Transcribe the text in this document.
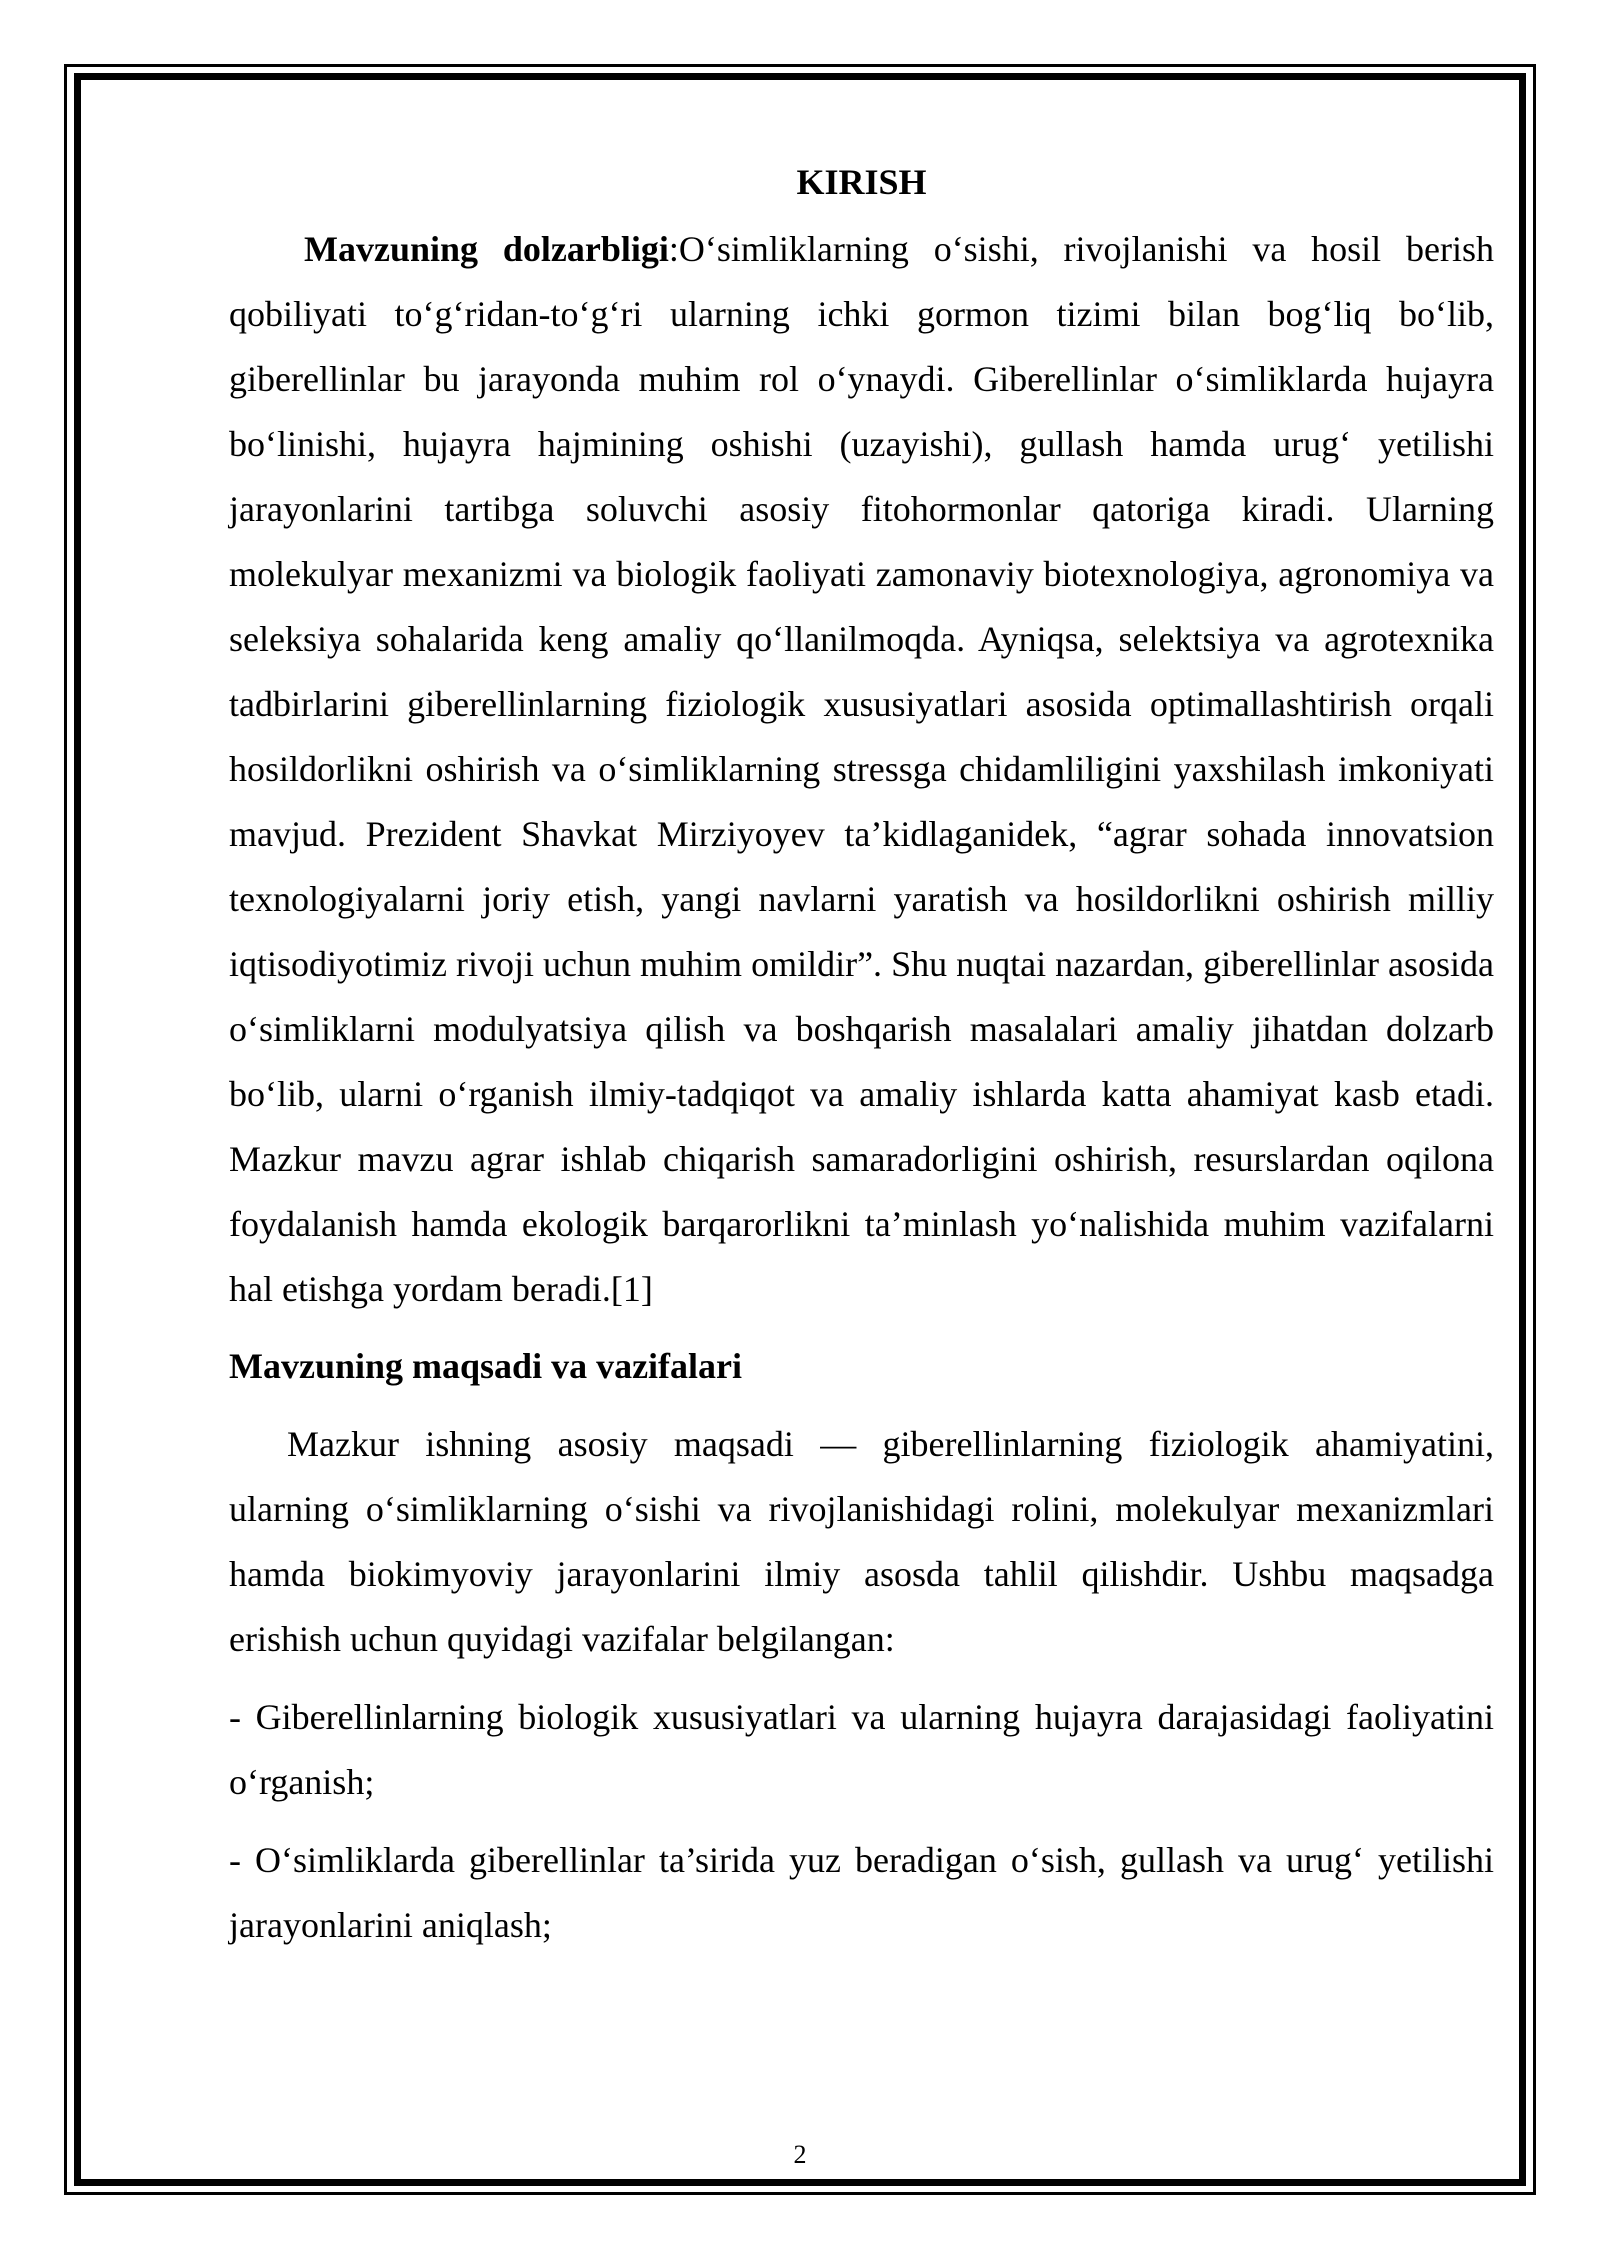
KIRISH

Mavzuning dolzarbligi:O‘simliklarning o‘sishi, rivojlanishi va hosil berish qobiliyati to‘g‘ridan-to‘g‘ri ularning ichki gormon tizimi bilan bog‘liq bo‘lib, giberellinlar bu jarayonda muhim rol o‘ynaydi. Giberellinlar o‘simliklarda hujayra bo‘linishi, hujayra hajmining oshishi (uzayishi), gullash hamda urug‘ yetilishi jarayonlarini tartibga soluvchi asosiy fitohormonlar qatoriga kiradi. Ularning molekulyar mexanizmi va biologik faoliyati zamonaviy biotexnologiya, agronomiya va seleksiya sohalarida keng amaliy qo‘llanilmoqda. Ayniqsa, selektsiya va agrotexnika tadbirlarini giberellinlarning fiziologik xususiyatlari asosida optimallashtirish orqali hosildorlikni oshirish va o‘simliklarning stressga chidamliligini yaxshilash imkoniyati mavjud. Prezident Shavkat Mirziyoyev ta’kidlaganidek, “agrar sohada innovatsion texnologiyalarni joriy etish, yangi navlarni yaratish va hosildorlikni oshirish milliy iqtisodiyotimiz rivoji uchun muhim omildir”. Shu nuqtai nazardan, giberellinlar asosida o‘simliklarni modulyatsiya qilish va boshqarish masalalari amaliy jihatdan dolzarb bo‘lib, ularni o‘rganish ilmiy-tadqiqot va amaliy ishlarda katta ahamiyat kasb etadi. Mazkur mavzu agrar ishlab chiqarish samaradorligini oshirish, resurslardan oqilona foydalanish hamda ekologik barqarorlikni ta’minlash yo‘nalishida muhim vazifalarni hal etishga yordam beradi.[1]

Mavzuning maqsadi va vazifalari

Mazkur ishning asosiy maqsadi — giberellinlarning fiziologik ahamiyatini, ularning o‘simliklarning o‘sishi va rivojlanishidagi rolini, molekulyar mexanizmlari hamda biokimyoviy jarayonlarini ilmiy asosda tahlil qilishdir. Ushbu maqsadga erishish uchun quyidagi vazifalar belgilangan:

- Giberellinlarning biologik xususiyatlari va ularning hujayra darajasidagi faoliyatini o‘rganish;

- O‘simliklarda giberellinlar ta’sirida yuz beradigan o‘sish, gullash va urug‘ yetilishi jarayonlarini aniqlash;

2
